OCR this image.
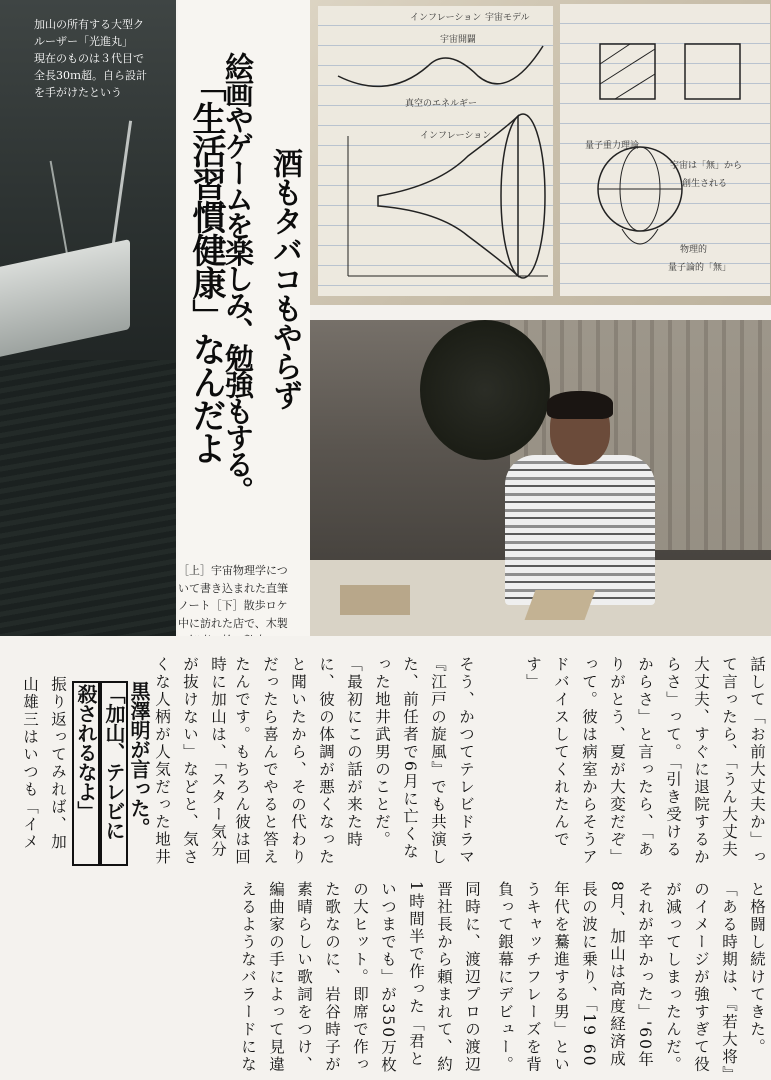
加山の所有する大型ク
ルーザー「光進丸」
現在のものは３代目で
全長30ｍ超。自ら設計
を手がけたという
酒もタバコもやらず
絵画やゲームを楽しみ、勉強もする。
「生活習慣健康」なんだよ
インフレーション 宇宙モデル
宇宙開闢
真空のエネルギー
インフレーション
量子重力理論
宇宙は「無」から
創生される
物理的
量子論的「無」
［上］宇宙物理学につ
いて書き込まれた直筆
ノート［下］散歩ロケ
中に訪れた店で、木製

話して「お前大丈夫か」って言ったら、「うん大丈夫大丈夫、すぐに退院するからさ」って。「引き受けるからさ」と言ったら、「ありがとう、夏が大変だぞ」って。彼は病室からそうアドバイスしてくれたんです」

と格闘し続けてきた。「ある時期は、『若大将』のイメージが強すぎて役が減ってしまったんだ。それが辛かった」'60年8月、加山は高度経済成長の波に乗り、「19 60年代を驀進する男」というキャッチフレーズを背負って銀幕にデビュー。

そう、かつてテレビドラマ『江戸の旋風』でも共演した、前任者で6月に亡くなった地井武男のことだ。「最初にこの話が来た時に、彼の体調が悪くなったと聞いたから、その代わりだったら喜んでやると答えたんです。もちろん彼は回

同時に、渡辺プロの渡辺晋社長から頼まれて、約1時間半で作った「君といつまでも」が350万枚の大ヒット。即席で作った歌なのに、岩谷時子が素晴らしい歌詞をつけ、編曲家の手によって見違えるようなバラードにな

時に加山は、「スター気分が抜けない」などと、気さくな人柄が人気だった地井

黒澤明が言った。
「加山、テレビに
殺されるなよ」

振り返ってみれば、加山雄三はいつも「イメ
